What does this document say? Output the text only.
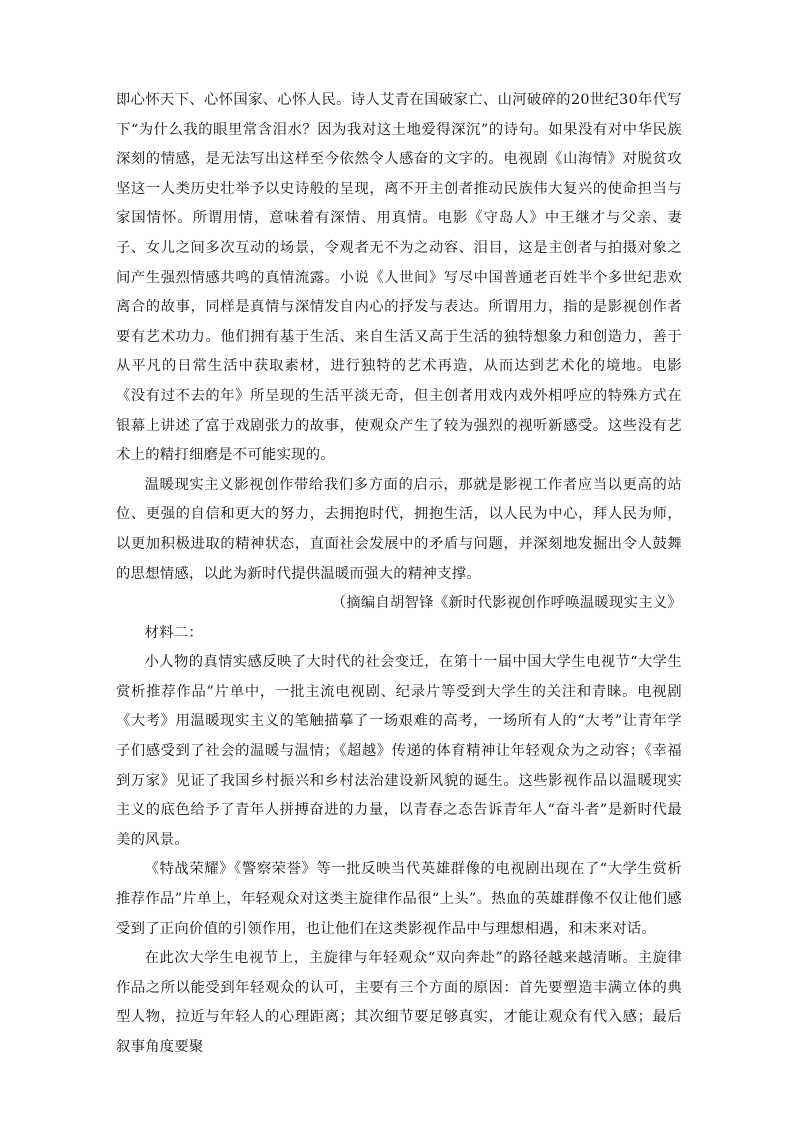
即心怀天下、心怀国家、心怀人民。诗人艾青在国破家亡、山河破碎的20世纪30年代写下“为什么我的眼里常含泪水？因为我对这土地爱得深沉”的诗句。如果没有对中华民族深刻的情感，是无法写出这样至今依然令人感奋的文字的。电视剧《山海情》对脱贫攻坚这一人类历史壮举予以史诗般的呈现，离不开主创者推动民族伟大复兴的使命担当与家国情怀。所谓用情，意味着有深情、用真情。电影《守岛人》中王继才与父亲、妻子、女儿之间多次互动的场景，令观者无不为之动容、泪目，这是主创者与拍摄对象之间产生强烈情感共鸣的真情流露。小说《人世间》写尽中国普通老百姓半个多世纪悲欢离合的故事，同样是真情与深情发自内心的抒发与表达。所谓用力，指的是影视创作者要有艺术功力。他们拥有基于生活、来自生活又高于生活的独特想象力和创造力，善于从平凡的日常生活中获取素材，进行独特的艺术再造，从而达到艺术化的境地。电影《没有过不去的年》所呈现的生活平淡无奇，但主创者用戏内戏外相呼应的特殊方式在银幕上讲述了富于戏剧张力的故事，使观众产生了较为强烈的视听新感受。这些没有艺术上的精打细磨是不可能实现的。

温暖现实主义影视创作带给我们多方面的启示，那就是影视工作者应当以更高的站位、更强的自信和更大的努力，去拥抱时代，拥抱生活，以人民为中心，拜人民为师，以更加积极进取的精神状态，直面社会发展中的矛盾与问题，并深刻地发掘出令人鼓舞的思想情感，以此为新时代提供温暖而强大的精神支撑。

（摘编自胡智锋《新时代影视创作呼唤温暖现实主义》

材料二：

小人物的真情实感反映了大时代的社会变迁，在第十一届中国大学生电视节“大学生赏析推荐作品”片单中，一批主流电视剧、纪录片等受到大学生的关注和青睐。电视剧《大考》用温暖现实主义的笔触描摹了一场艰难的高考，一场所有人的“大考”让青年学子们感受到了社会的温暖与温情；《超越》传递的体育精神让年轻观众为之动容；《幸福到万家》见证了我国乡村振兴和乡村法治建设新风貌的诞生。这些影视作品以温暖现实主义的底色给予了青年人拼搏奋进的力量，以青春之态告诉青年人“奋斗者”是新时代最美的风景。

《特战荣耀》《警察荣誉》等一批反映当代英雄群像的电视剧出现在了“大学生赏析推荐作品”片单上，年轻观众对这类主旋律作品很“上头”。热血的英雄群像不仅让他们感受到了正向价值的引领作用，也让他们在这类影视作品中与理想相遇，和未来对话。

在此次大学生电视节上，主旋律与年轻观众“双向奔赴”的路径越来越清晰。主旋律作品之所以能受到年轻观众的认可，主要有三个方面的原因：首先要塑造丰满立体的典型人物，拉近与年轻人的心理距离；其次细节要足够真实，才能让观众有代入感；最后叙事角度要聚
